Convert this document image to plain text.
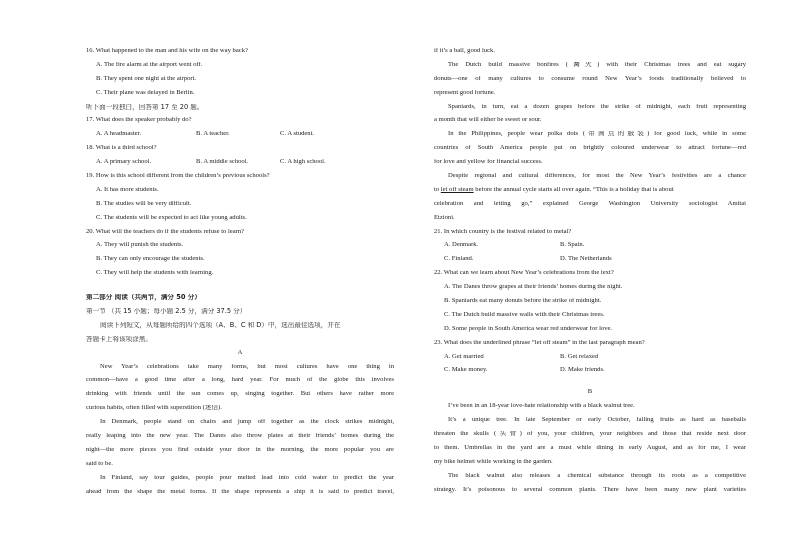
16. What happened to the man and his wife on the way back?
A. The fire alarm at the airport went off.
B. They spent one night at the airport.
C. Their plane was delayed in Berlin.
听下面一段独白，回答第 17 至 20 题。
17. What does the speaker probably do?
A. A headmaster.	B. A teacher.	C. A student.
18. What is a third school?
A. A primary school.	B. A middle school.	C. A high school.
19. How is this school different from the children’s previous schools?
A. It has more students.
B. The studies will be very difficult.
C. The students will be expected to act like young adults.
20. What will the teachers do if the students refuse to learn?
A. They will punish the students.
B. They can only encourage the students.
C. They will help the students with learning.
第二部分 阅读（共两节，满分 50 分）
第一节 （共 15 小题；每小题 2.5 分，满分 37.5 分）
阅读下列短文，从每题所给的四个选项（A、B、C 和 D）中，选出最佳选项，并在
答题卡上将该项涂黑。
A
New Year’s celebrations take many forms, but most cultures have one thing in
common—have a good time after a long, hard year. For much of the globe this involves
drinking with friends until the sun comes up, singing together. But others have rather more
curious habits, often filled with superstition (迷信).
In Denmark, people stand on chairs and jump off together as the clock strikes midnight,
really leaping into the new year. The Danes also throw plates at their friends’ homes during the
night—the more pieces you find outside your door in the morning, the more popular you are
said to be.
In Finland, say tour guides, people pour melted lead into cold water to predict the year
ahead from the shape the metal forms. If the shape represents a ship it is said to predict travel,
if it’s a ball, good luck.
The Dutch build massive bonfires (篝火) with their Christmas trees and eat sugary
donuts—one of many cultures to consume round New Year’s foods traditionally believed to
represent good fortune.
Spaniards, in turn, eat a dozen grapes before the strike of midnight, each fruit representing
a month that will either be sweet or sour.
In the Philippines, people wear polka dots (带圆点的服装) for good luck, while in some
countries of South America people put on brightly coloured underwear to attract fortune—red
for love and yellow for financial success.
Despite regional and cultural differences, for most the New Year’s festivities are a chance
to let off steam before the annual cycle starts all over again. “This is a holiday that is about
celebration and letting go,” explained George Washington University sociologist Amitai
Etzioni.
21. In which country is the festival related to metal?
A. Denmark.	B. Spain.
C. Finland.	D. The Netherlands
22. What can we learn about New Year’s celebrations from the text?
A. The Danes throw grapes at their friends’ homes during the night.
B. Spaniards eat many donuts before the strike of midnight.
C. The Dutch build massive walls with their Christmas trees.
D. Some people in South America wear red underwear for love.
23. What does the underlined phrase “let off steam” in the last paragraph mean?
A. Get married	B. Get relaxed
C. Make money.	D. Make friends.
B
I’ve been in an 18-year love-hate relationship with a black walnut tree.
It’s a unique tree. In late September or early October, falling fruits as hard as baseballs
threaten the skulls (头骨) of you, your children, your neighbors and those that reside next door
to them. Umbrellas in the yard are a must while dining in early August, and as for me, I wear
my bike helmet while working in the garden.
The black walnut also releases a chemical substance through its roots as a competitive
strategy. It’s poisonous to several common plants. There have been many new plant varieties
